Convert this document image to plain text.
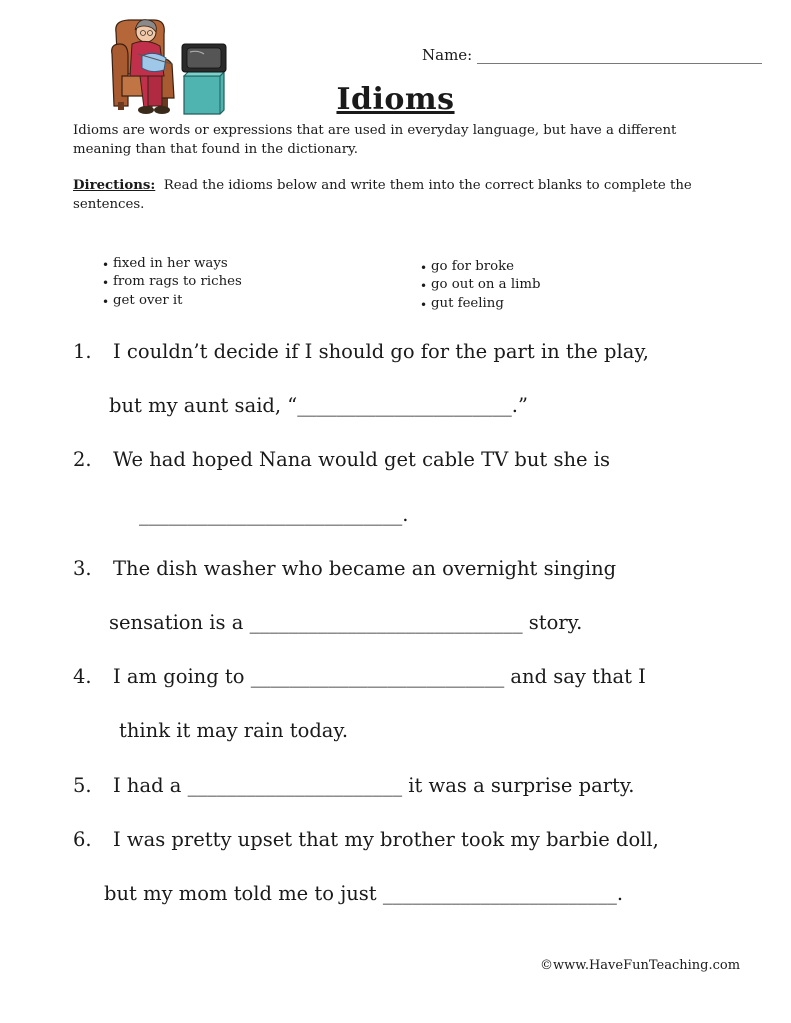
Name: ______________________________________
Idioms
Idioms are words or expressions that are used in everyday language, but have a different
meaning than that found in the dictionary.
Directions:  Read the idioms below and write them into the correct blanks to complete the
sentences.
• fixed in her ways
• from rags to riches
• get over it
• go for broke
• go out on a limb
• gut feeling
1. I couldn’t decide if I should go for the part in the play,
but my aunt said, “______________________.”
2. We had hoped Nana would get cable TV but she is
___________________________.
3. The dish washer who became an overnight singing
sensation is a ____________________________ story.
4. I am going to __________________________ and say that I
think it may rain today.
5. I had a ______________________ it was a surprise party.
6. I was pretty upset that my brother took my barbie doll,
but my mom told me to just ________________________.
©www.HaveFunTeaching.com
